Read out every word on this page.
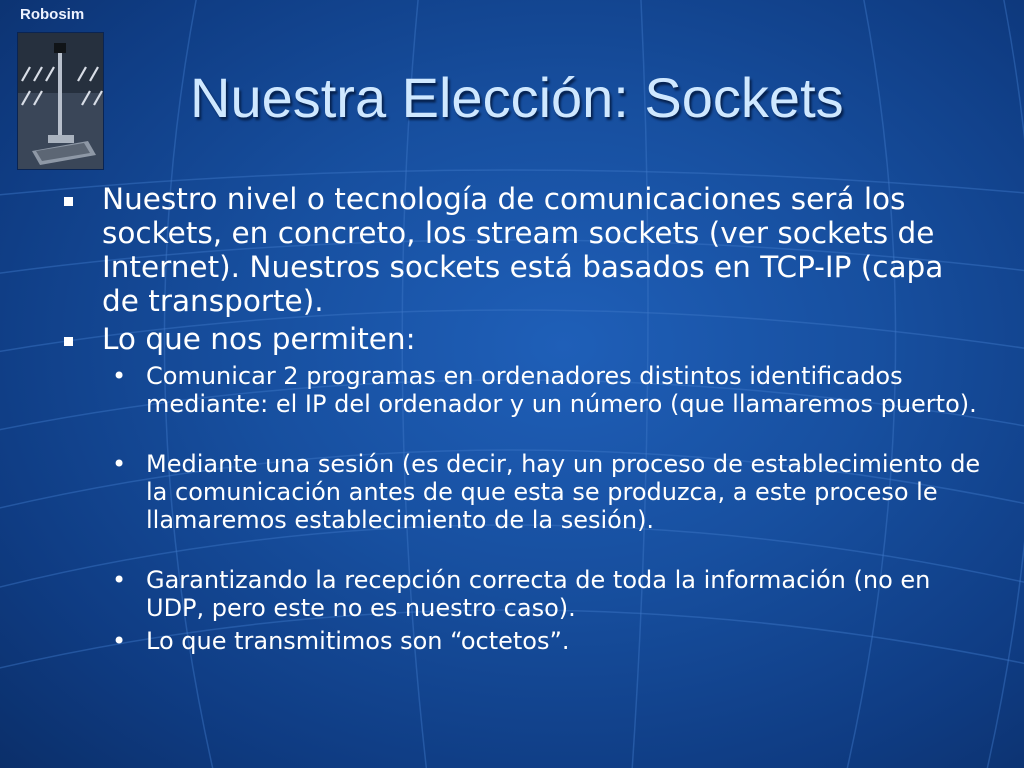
Robosim
Nuestra Elección: Sockets
Nuestro nivel o tecnología de comunicaciones será los sockets, en concreto, los stream sockets (ver sockets de Internet). Nuestros sockets está basados en TCP-IP (capa de transporte).
Lo que nos permiten:
• Comunicar 2 programas en ordenadores distintos identificados mediante: el IP del ordenador y un número (que llamaremos puerto).
• Mediante una sesión (es decir, hay un proceso de establecimiento de la comunicación antes de que esta se produzca, a este proceso le llamaremos establecimiento de la sesión).
• Garantizando la recepción correcta de toda la información (no en UDP, pero este no es nuestro caso).
• Lo que transmitimos son “octetos”.
